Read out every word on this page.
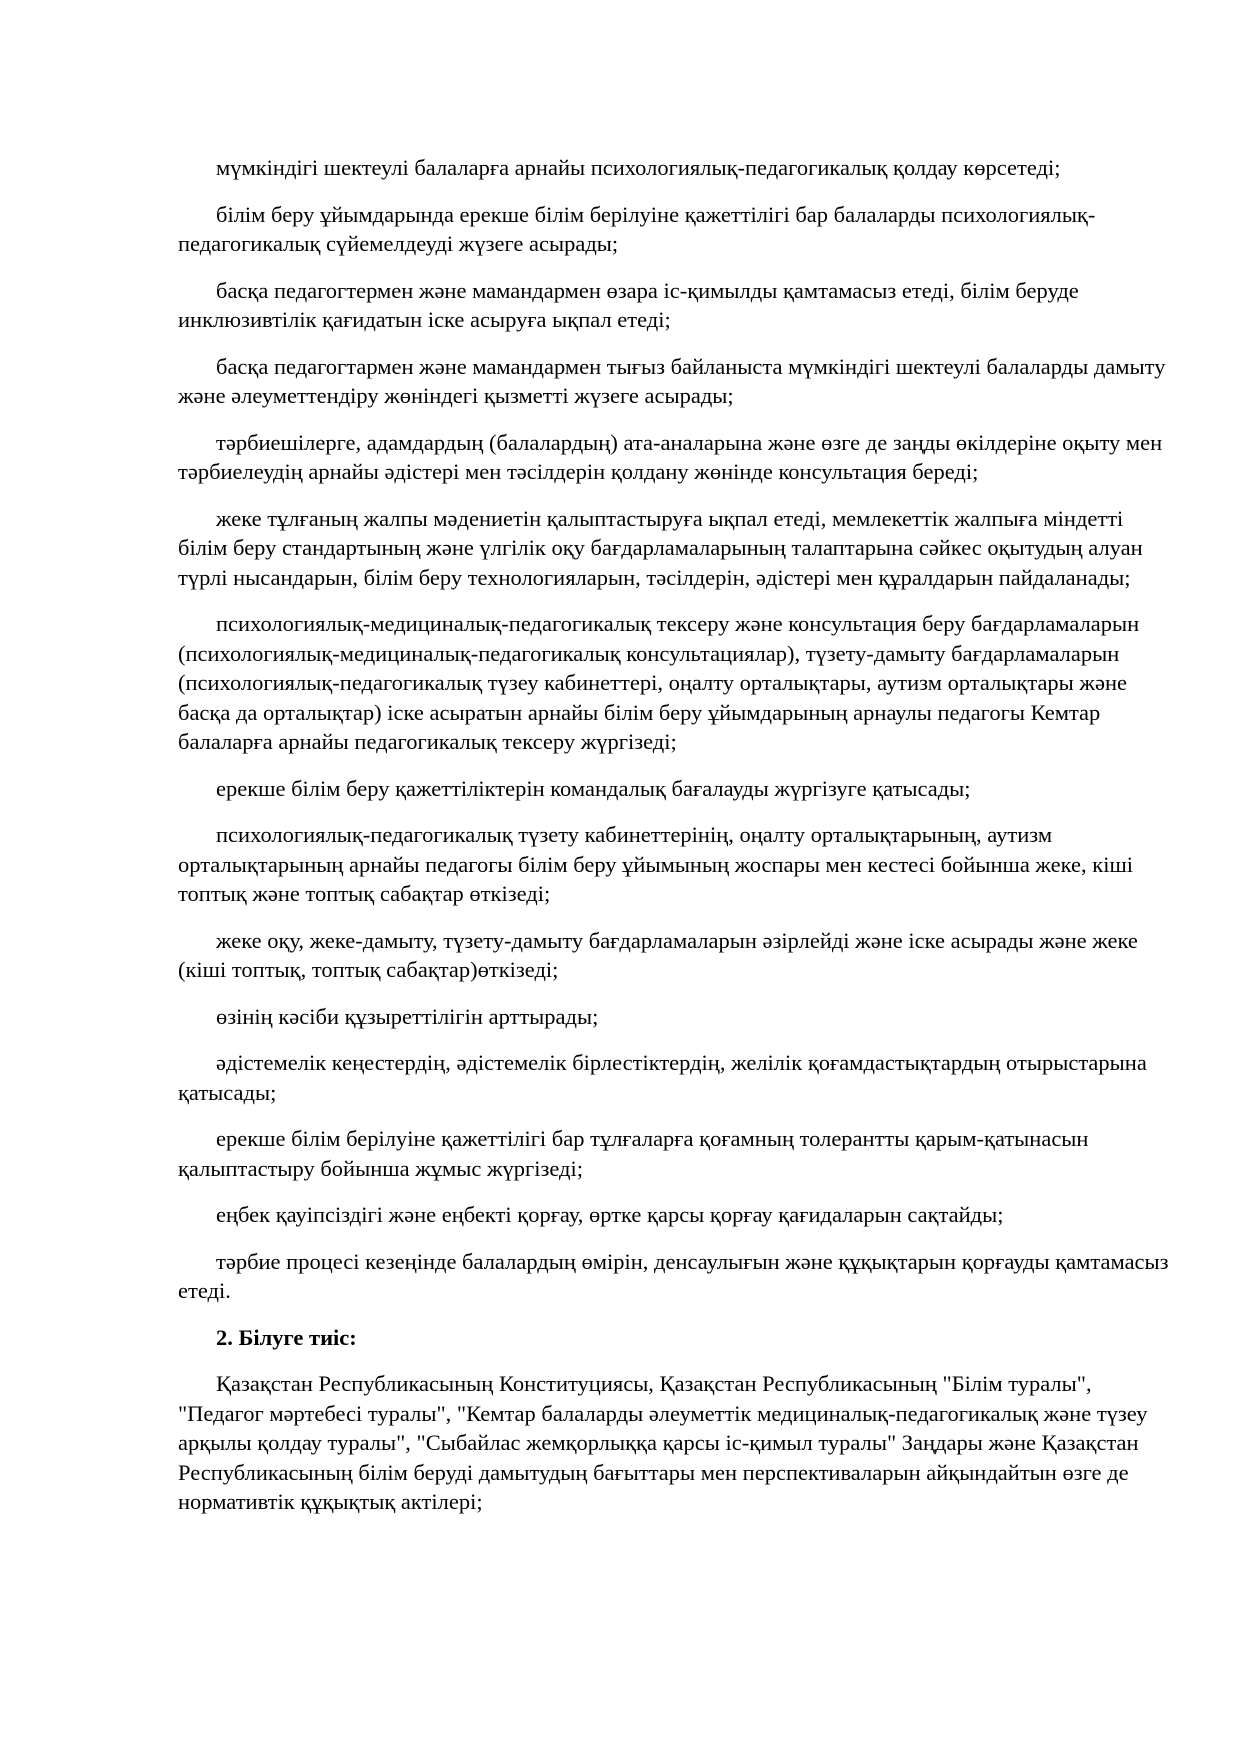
мүмкіндігі шектеулі балаларға арнайы психологиялық-педагогикалық қолдау көрсетеді;

білім беру ұйымдарында ерекше білім берілуіне қажеттілігі бар балаларды психологиялық-педагогикалық сүйемелдеуді жүзеге асырады;

басқа педагогтермен және мамандармен өзара іс-қимылды қамтамасыз етеді, білім беруде инклюзивтілік қағидатын іске асыруға ықпал етеді;

басқа педагогтармен және мамандармен тығыз байланыста мүмкіндігі шектеулі балаларды дамыту және әлеуметтендіру жөніндегі қызметті жүзеге асырады;

тәрбиешілерге, адамдардың (балалардың) ата-аналарына және өзге де заңды өкілдеріне оқыту мен тәрбиелеудің арнайы әдістері мен тәсілдерін қолдану жөнінде консультация береді;

жеке тұлғаның жалпы мәдениетін қалыптастыруға ықпал етеді, мемлекеттік жалпыға міндетті білім беру стандартының және үлгілік оқу бағдарламаларының талаптарына сәйкес оқытудың алуан түрлі нысандарын, білім беру технологияларын, тәсілдерін, әдістері мен құралдарын пайдаланады;

психологиялық-медициналық-педагогикалық тексеру және консультация беру бағдарламаларын (психологиялық-медициналық-педагогикалық консультациялар), түзету-дамыту бағдарламаларын (психологиялық-педагогикалық түзеу кабинеттері, оңалту орталықтары, аутизм орталықтары және басқа да орталықтар) іске асыратын арнайы білім беру ұйымдарының арнаулы педагогы Кемтар балаларға арнайы педагогикалық тексеру жүргізеді;

ерекше білім беру қажеттіліктерін командалық бағалауды жүргізуге қатысады;

психологиялық-педагогикалық түзету кабинеттерінің, оңалту орталықтарының, аутизм орталықтарының арнайы педагогы білім беру ұйымының жоспары мен кестесі бойынша жеке, кіші топтық және топтық сабақтар өткізеді;

жеке оқу, жеке-дамыту, түзету-дамыту бағдарламаларын әзірлейді және іске асырады және жеке (кіші топтық, топтық сабақтар)өткізеді;

өзінің кәсіби құзыреттілігін арттырады;

әдістемелік кеңестердің, әдістемелік бірлестіктердің, желілік қоғамдастықтардың отырыстарына қатысады;

ерекше білім берілуіне қажеттілігі бар тұлғаларға қоғамның толерантты қарым-қатынасын қалыптастыру бойынша жұмыс жүргізеді;

еңбек қауіпсіздігі және еңбекті қорғау, өртке қарсы қорғау қағидаларын сақтайды;

тәрбие процесі кезеңінде балалардың өмірін, денсаулығын және құқықтарын қорғауды қамтамасыз етеді.

2. Білуге тиіс:

Қазақстан Республикасының Конституциясы, Қазақстан Республикасының "Білім туралы", "Педагог мәртебесі туралы", "Кемтар балаларды әлеуметтік медициналық-педагогикалық және түзеу арқылы қолдау туралы", "Сыбайлас жемқорлыққа қарсы іс-қимыл туралы" Заңдары және Қазақстан Республикасының білім беруді дамытудың бағыттары мен перспективаларын айқындайтын өзге де нормативтік құқықтық актілері;
